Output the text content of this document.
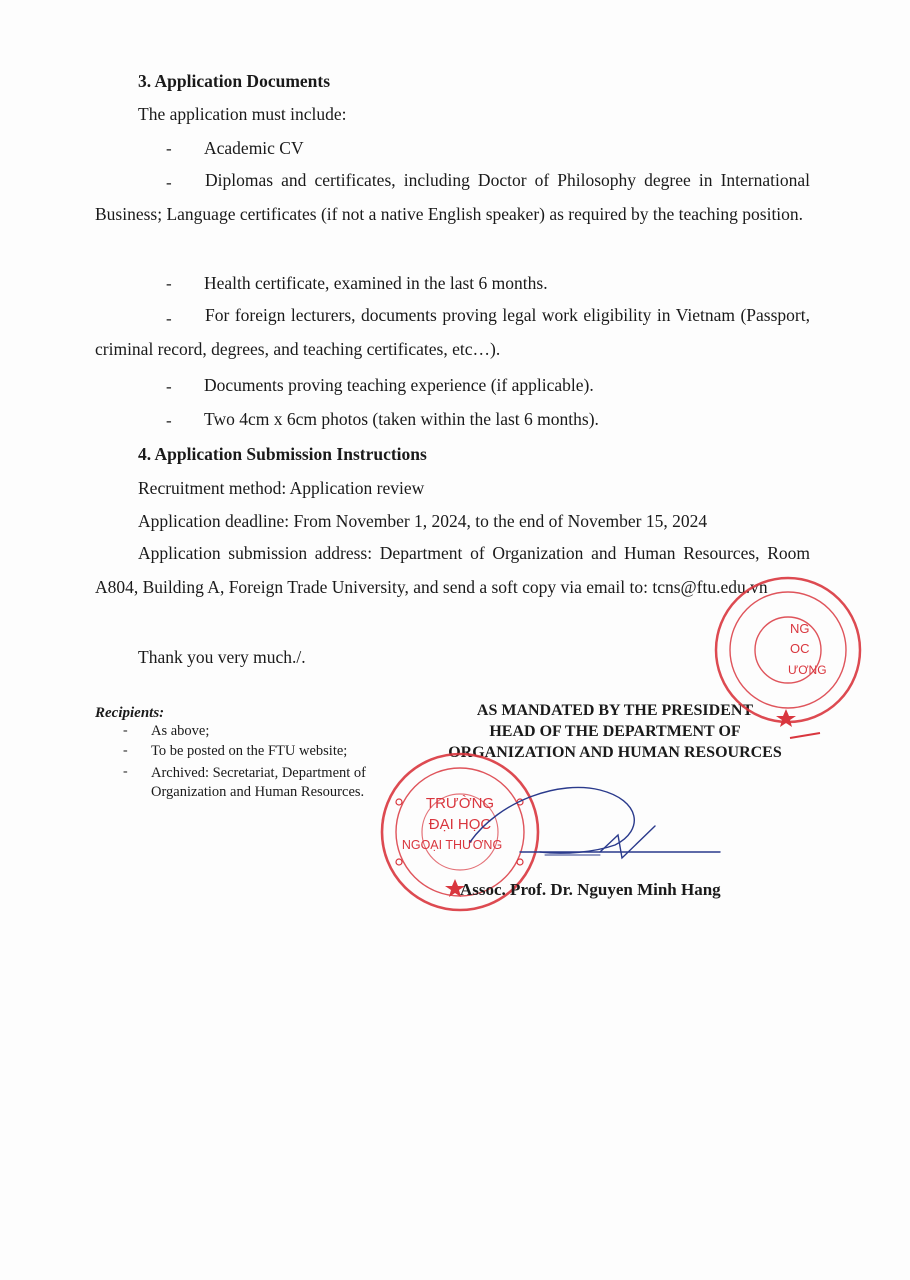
3. Application Documents
The application must include:
- Academic CV
-	Diplomas and certificates, including Doctor of Philosophy degree in International Business; Language certificates (if not a native English speaker) as required by the teaching position.
- Health certificate, examined in the last 6 months.
-	For foreign lecturers, documents proving legal work eligibility in Vietnam (Passport, criminal record, degrees, and teaching certificates, etc…).
- Documents proving teaching experience (if applicable).
- Two 4cm x 6cm photos (taken within the last 6 months).
4. Application Submission Instructions
Recruitment method: Application review
Application deadline: From November 1, 2024, to the end of November 15, 2024
Application submission address: Department of Organization and Human Resources, Room A804, Building A, Foreign Trade University, and send a soft copy via email to: tcns@ftu.edu.vn
Thank you very much./.
Recipients:
- As above;
- To be posted on the FTU website;
- Archived: Secretariat, Department of Organization and Human Resources.
AS MANDATED BY THE PRESIDENT
HEAD OF THE DEPARTMENT OF
ORGANIZATION AND HUMAN RESOURCES
NG
OC
ƯƠNG
TRƯỜNG
ĐẠI HỌC
NGOẠI THƯƠNG
Assoc. Prof. Dr. Nguyen Minh Hang
